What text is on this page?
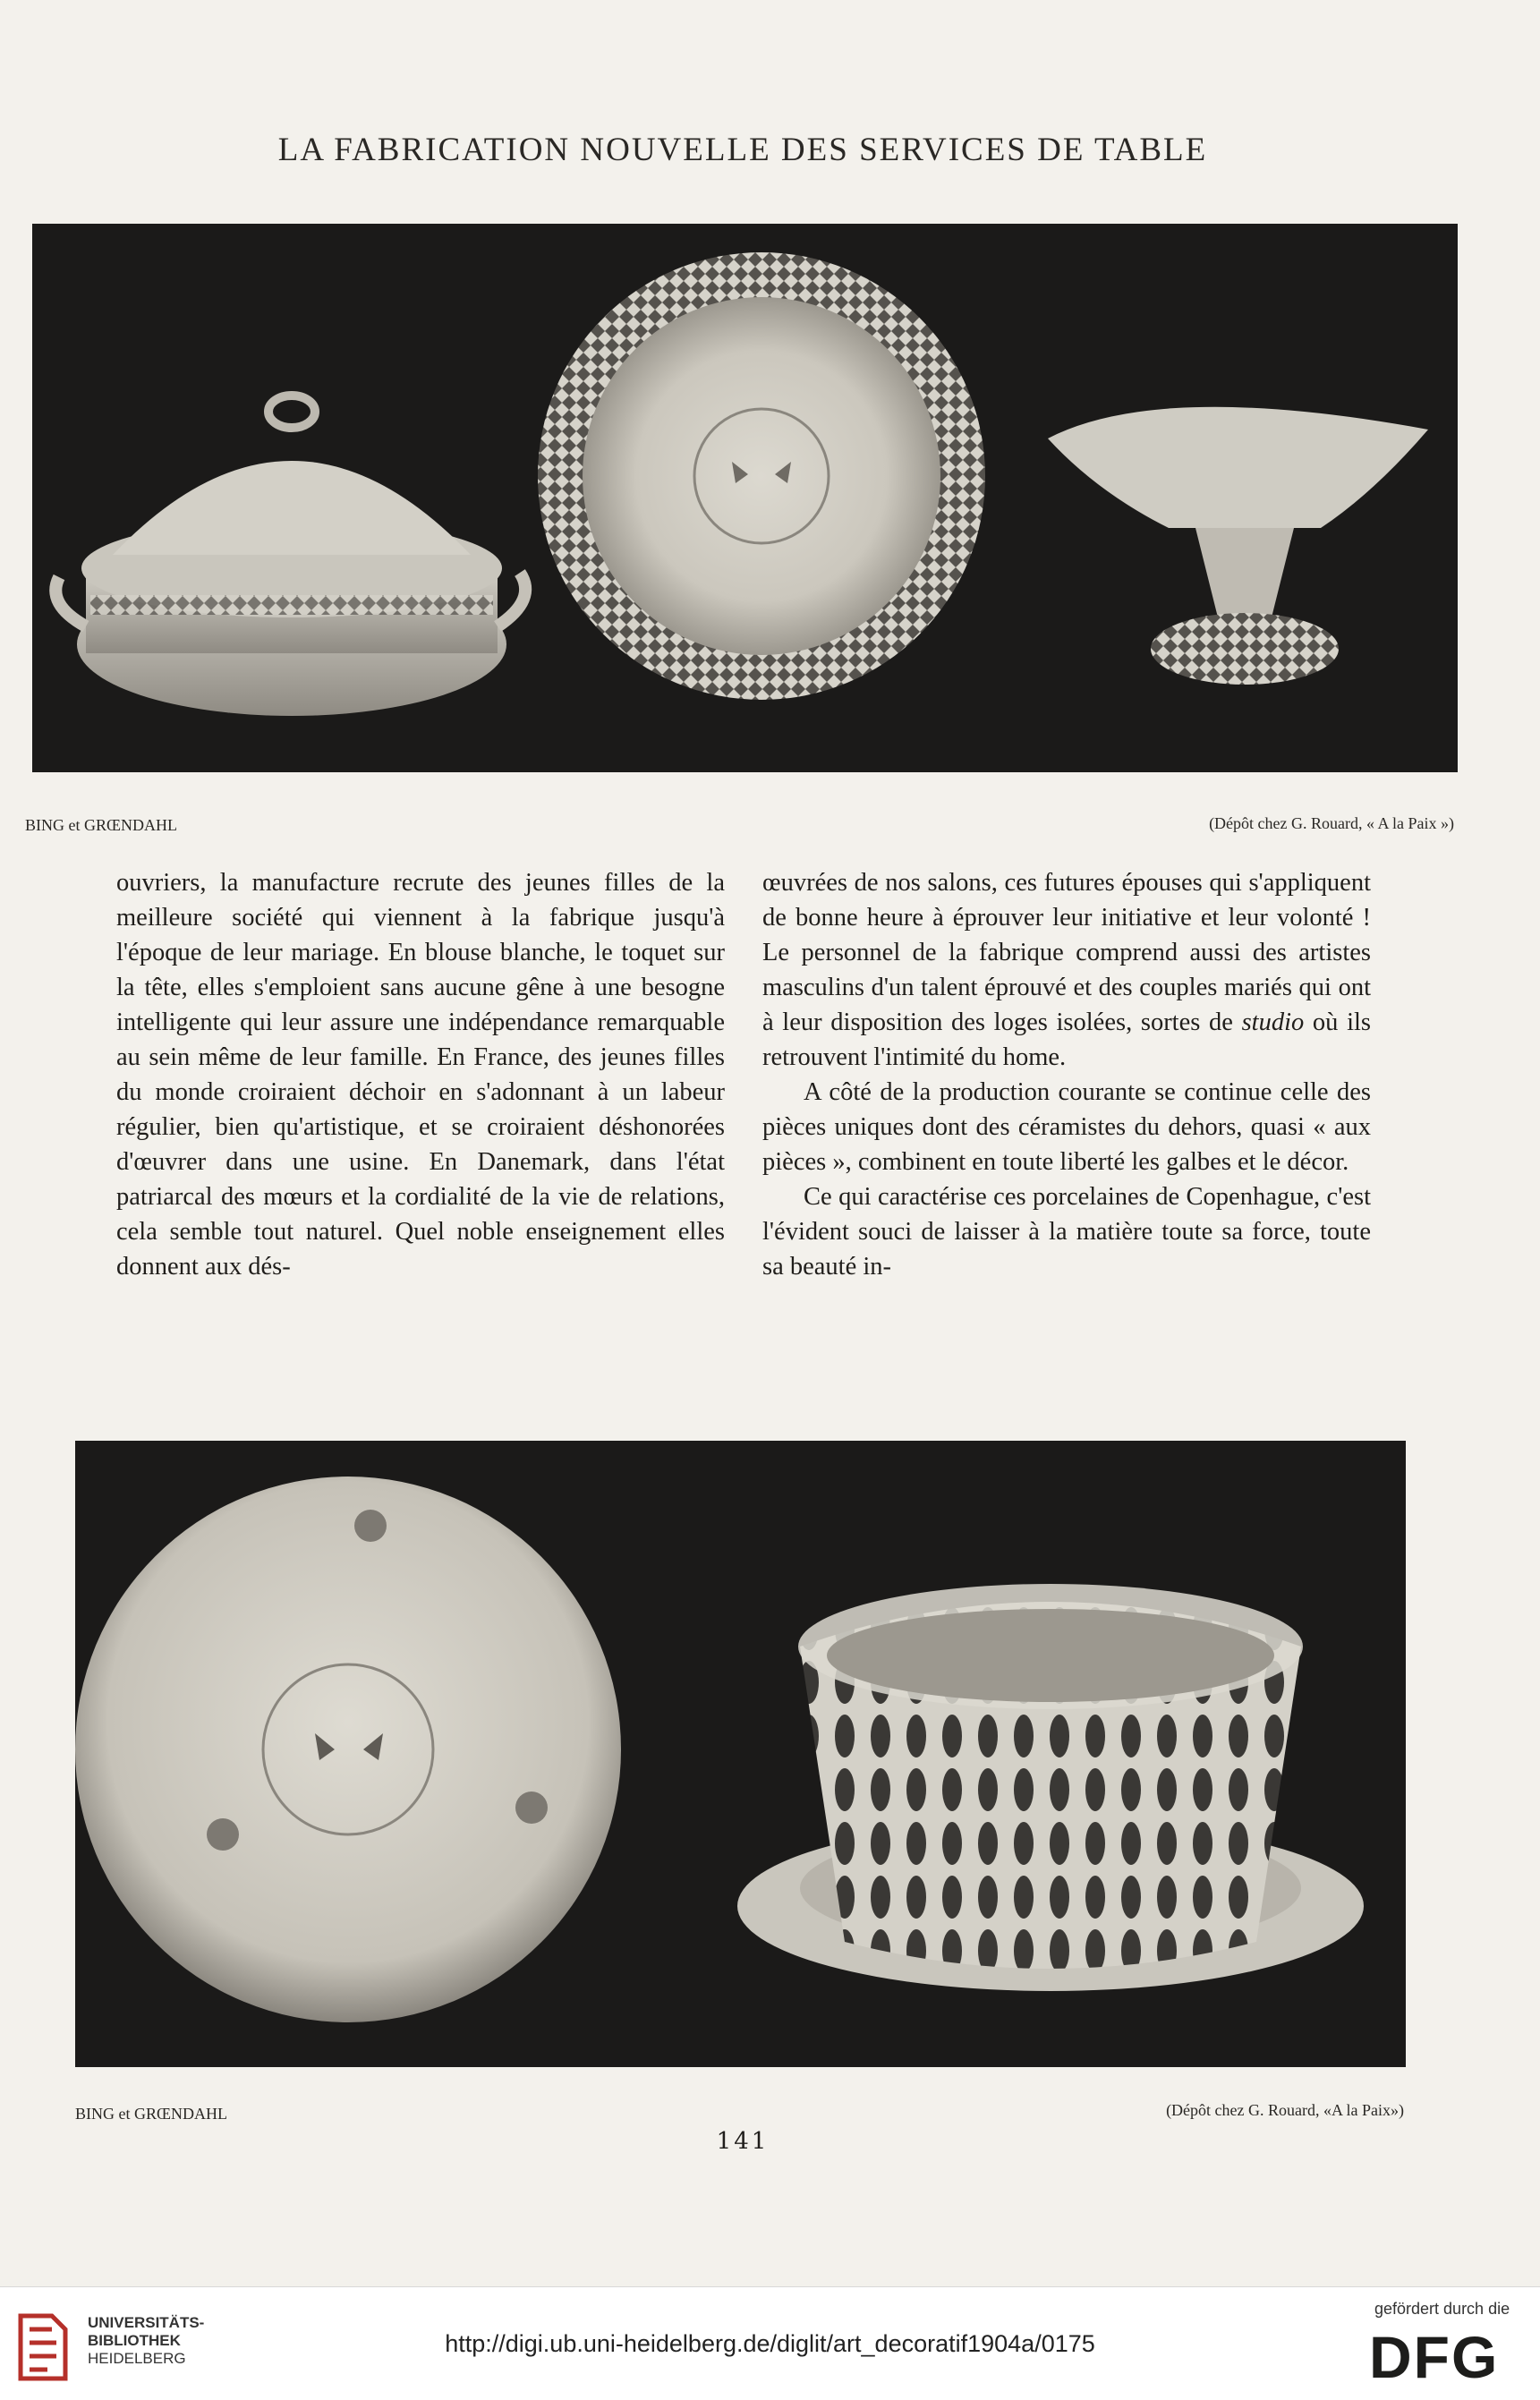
LA FABRICATION NOUVELLE DES SERVICES DE TABLE
BING et GRŒNDAHL	(Dépôt chez G. Rouard, « A la Paix »)

ouvriers, la manufacture recrute des jeunes filles de la meilleure société qui viennent à la fabrique jusqu'à l'époque de leur mariage. En blouse blanche, le toquet sur la tête, elles s'emploient sans aucune gêne à une besogne intelligente qui leur assure une indépendance remarquable au sein même de leur famille. En France, des jeunes filles du monde croiraient déchoir en s'adonnant à un labeur régulier, bien qu'artistique, et se croiraient déshonorées d'œuvrer dans une usine. En Danemark, dans l'état patriarcal des mœurs et la cordialité de la vie de relations, cela semble tout naturel. Quel noble enseignement elles donnent aux dés-

œuvrées de nos salons, ces futures épouses qui s'appliquent de bonne heure à éprouver leur initiative et leur volonté ! Le personnel de la fabrique comprend aussi des artistes masculins d'un talent éprouvé et des couples mariés qui ont à leur disposition des loges isolées, sortes de studio où ils retrouvent l'intimité du home.

A côté de la production courante se continue celle des pièces uniques dont des céramistes du dehors, quasi « aux pièces », combinent en toute liberté les galbes et le décor.

Ce qui caractérise ces porcelaines de Copenhague, c'est l'évident souci de laisser à la matière toute sa force, toute sa beauté in-

BING et GRŒNDAHL	(Dépôt chez G. Rouard, «A la Paix»)
141
UNIVERSITÄTS-
BIBLIOTHEK
HEIDELBERG
http://digi.ub.uni-heidelberg.de/diglit/art_decoratif1904a/0175
gefördert durch die
DFG
